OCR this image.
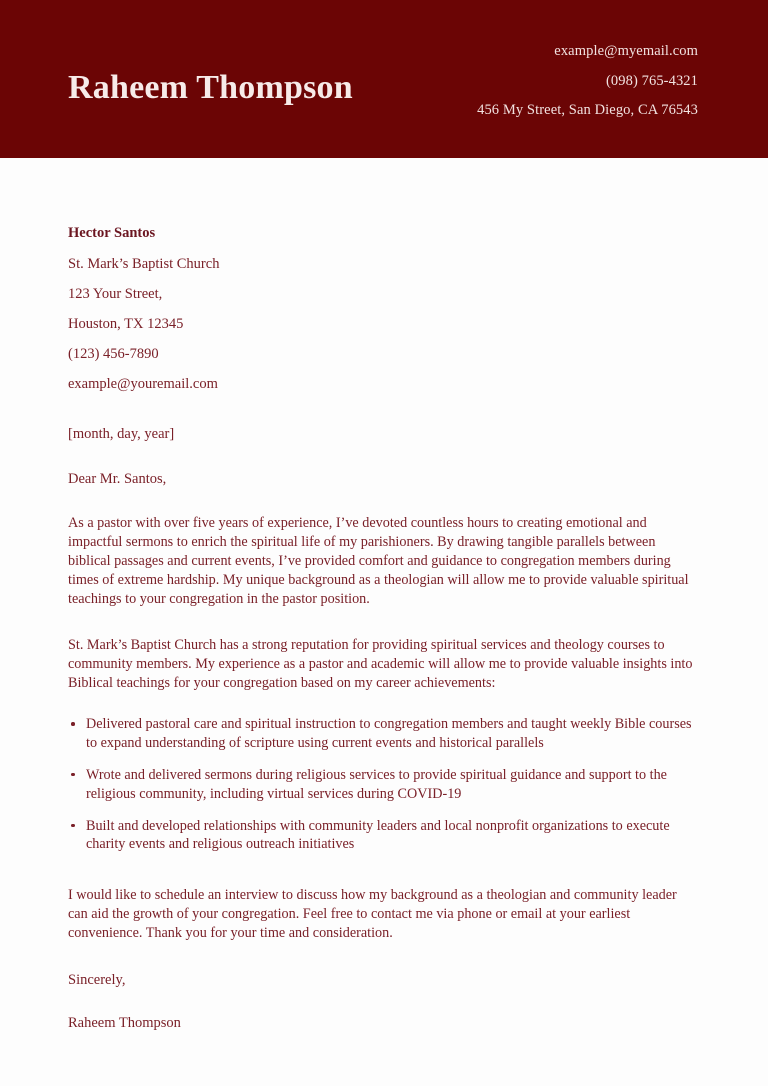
Raheem Thompson
example@myemail.com
(098) 765-4321
456 My Street, San Diego, CA 76543
Hector Santos
St. Mark’s Baptist Church
123 Your Street,
Houston, TX 12345
(123) 456-7890
example@youremail.com
[month, day, year]
Dear Mr. Santos,

As a pastor with over five years of experience, I’ve devoted countless hours to creating emotional and impactful sermons to enrich the spiritual life of my parishioners. By drawing tangible parallels between biblical passages and current events, I’ve provided comfort and guidance to congregation members during times of extreme hardship. My unique background as a theologian will allow me to provide valuable spiritual teachings to your congregation in the pastor position.

St. Mark’s Baptist Church has a strong reputation for providing spiritual services and theology courses to community members. My experience as a pastor and academic will allow me to provide valuable insights into Biblical teachings for your congregation based on my career achievements:

Delivered pastoral care and spiritual instruction to congregation members and taught weekly Bible courses to expand understanding of scripture using current events and historical parallels
Wrote and delivered sermons during religious services to provide spiritual guidance and support to the religious community, including virtual services during COVID-19
Built and developed relationships with community leaders and local nonprofit organizations to execute charity events and religious outreach initiatives

I would like to schedule an interview to discuss how my background as a theologian and community leader can aid the growth of your congregation. Feel free to contact me via phone or email at your earliest convenience. Thank you for your time and consideration.

Sincerely,
Raheem Thompson
